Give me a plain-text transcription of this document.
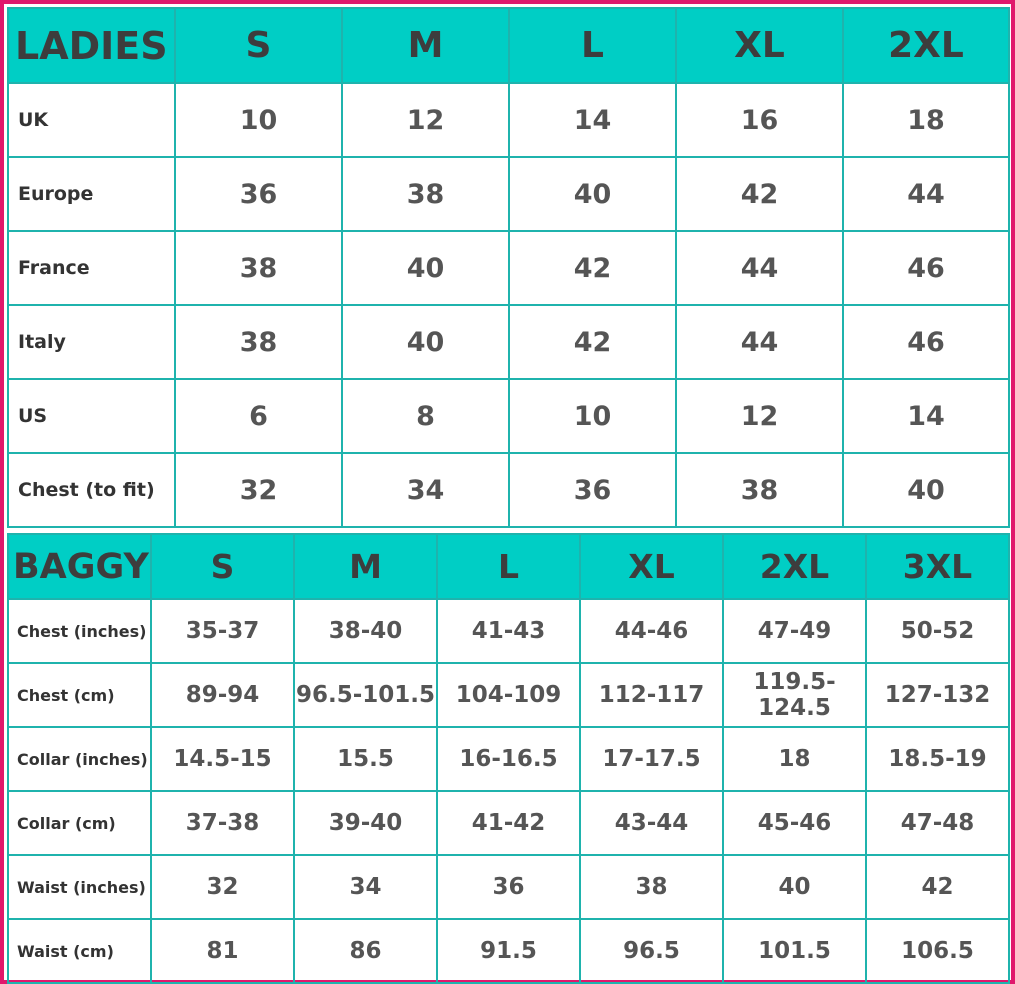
LADIES	S	M	L	XL	2XL
UK	10	12	14	16	18
Europe	36	38	40	42	44
France	38	40	42	44	46
Italy	38	40	42	44	46
US	6	8	10	12	14
Chest (to fit)	32	34	36	38	40
BAGGY	S	M	L	XL	2XL	3XL
Chest (inches)	35-37	38-40	41-43	44-46	47-49	50-52
Chest (cm)	89-94	96.5-101.5	104-109	112-117	119.5-124.5	127-132
Collar (inches)	14.5-15	15.5	16-16.5	17-17.5	18	18.5-19
Collar (cm)	37-38	39-40	41-42	43-44	45-46	47-48
Waist (inches)	32	34	36	38	40	42
Waist (cm)	81	86	91.5	96.5	101.5	106.5
